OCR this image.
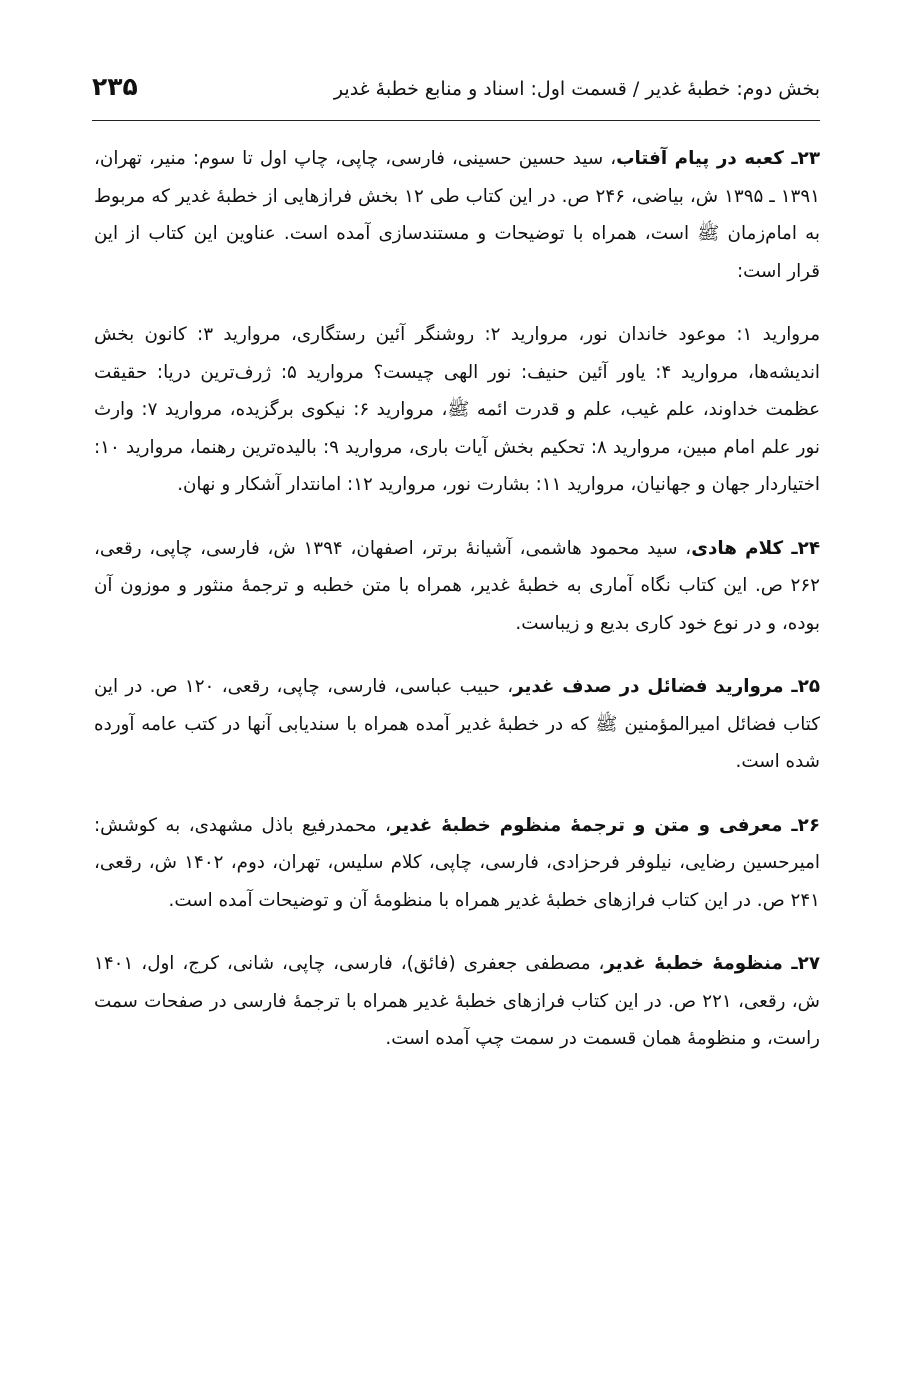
۲۳۵	بخش دوم: خطبهٔ غدیر / قسمت اول: اسناد و منابع خطبهٔ غدیر

۲۳ـ کعبه در پیام آفتاب، سید حسین حسینی، فارسی، چاپی، چاپ اول تا سوم: منیر، تهران، ۱۳۹۱ ـ ۱۳۹۵ ش، بیاضی، ۲۴۶ ص. در این کتاب طی ۱۲ بخش فرازهایی از خطبهٔ غدیر که مربوط به امام‌زمان ﷺ است، همراه با توضیحات و مستندسازی آمده است. عناوین این کتاب از این قرار است:

مروارید ۱: موعود خاندان نور، مروارید ۲: روشنگر آئین رستگاری، مروارید ۳: کانون بخش اندیشه‌ها، مروارید ۴: یاور آئین حنیف: نور الهی چیست؟ مروارید ۵: ژرف‌ترین دریا: حقیقت عظمت خداوند، علم غیب، علم و قدرت ائمه ﷺ، مروارید ۶: نیکوی برگزیده، مروارید ۷: وارث نور علم امام مبین، مروارید ۸: تحکیم بخش آیات باری، مروارید ۹: بالیده‌ترین رهنما، مروارید ۱۰: اختیاردار جهان و جهانیان، مروارید ۱۱: بشارت نور، مروارید ۱۲: امانتدار آشکار و نهان.

۲۴ـ کلام هادی، سید محمود هاشمی، آشیانهٔ برتر، اصفهان، ۱۳۹۴ ش، فارسی، چاپی، رقعی، ۲۶۲ ص. این کتاب نگاه آماری به خطبهٔ غدیر، همراه با متن خطبه و ترجمهٔ منثور و موزون آن بوده، و در نوع خود کاری بدیع و زیباست.

۲۵ـ مروارید فضائل در صدف غدیر، حبیب عباسی، فارسی، چاپی، رقعی، ۱۲۰ ص. در این کتاب فضائل امیرالمؤمنین ﷺ که در خطبهٔ غدیر آمده همراه با سندیابی آنها در کتب عامه آورده شده است.

۲۶ـ معرفی و متن و ترجمهٔ منظوم خطبهٔ غدیر، محمدرفیع باذل مشهدی، به کوشش: امیرحسین رضایی، نیلوفر فرحزادی، فارسی، چاپی، کلام سلیس، تهران، دوم، ۱۴۰۲ ش، رقعی، ۲۴۱ ص. در این کتاب فرازهای خطبهٔ غدیر همراه با منظومهٔ آن و توضیحات آمده است.

۲۷ـ منظومهٔ خطبهٔ غدیر، مصطفی جعفری (فائق)، فارسی، چاپی، شانی، کرج، اول، ۱۴۰۱ ش، رقعی، ۲۲۱ ص. در این کتاب فرازهای خطبهٔ غدیر همراه با ترجمهٔ فارسی در صفحات سمت راست، و منظومهٔ همان قسمت در سمت چپ آمده است.
